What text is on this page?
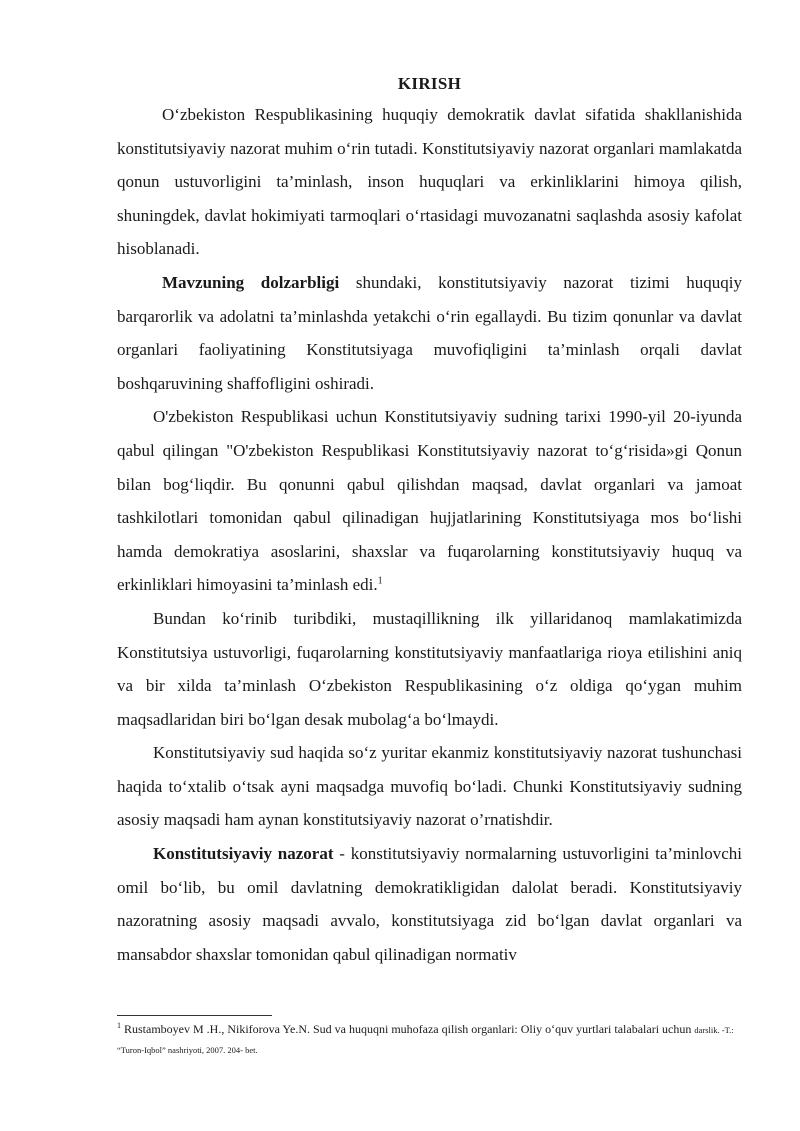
KIRISH

O‘zbekiston Respublikasining huquqiy demokratik davlat sifatida shakllanishida konstitutsiyaviy nazorat muhim o‘rin tutadi. Konstitutsiyaviy nazorat organlari mamlakatda qonun ustuvorligini ta’minlash, inson huquqlari va erkinliklarini himoya qilish, shuningdek, davlat hokimiyati tarmoqlari o‘rtasidagi muvozanatni saqlashda asosiy kafolat hisoblanadi.

Mavzuning dolzarbligi shundaki, konstitutsiyaviy nazorat tizimi huquqiy barqarorlik va adolatni ta’minlashda yetakchi o‘rin egallaydi. Bu tizim qonunlar va davlat organlari faoliyatining Konstitutsiyaga muvofiqligini ta’minlash orqali davlat boshqaruvining shaffofligini oshiradi.

O'zbekiston Respublikasi uchun Konstitutsiyaviy sudning tarixi 1990-yil 20-iyunda qabul qilingan "O'zbekiston Respublikasi Konstitutsiyaviy nazorat to‘g‘risida»gi Qonun bilan bog‘liqdir. Bu qonunni qabul qilishdan maqsad, davlat organlari va jamoat tashkilotlari tomonidan qabul qilinadigan hujjatlarining Konstitutsiyaga mos bo‘lishi hamda demokratiya asoslarini, shaxslar va fuqarolarning konstitutsiyaviy huquq va erkinliklari himoyasini ta’minlash edi.$^1$

Bundan ko‘rinib turibdiki, mustaqillikning ilk yillaridanoq mamlakatimizda Konstitutsiya ustuvorligi, fuqarolarning konstitutsiyaviy manfaatlariga rioya etilishini aniq va bir xilda ta’minlash O‘zbekiston Respublikasining o‘z oldiga qo‘ygan muhim maqsadlaridan biri bo‘lgan desak mubolag‘a bo‘lmaydi.

Konstitutsiyaviy sud haqida so‘z yuritar ekanmiz konstitutsiyaviy nazorat tushunchasi haqida to‘xtalib o‘tsak ayni maqsadga muvofiq bo‘ladi. Chunki Konstitutsiyaviy sudning asosiy maqsadi ham aynan konstitutsiyaviy nazorat o’rnatishdir.

Konstitutsiyaviy nazorat - konstitutsiyaviy normalarning ustuvorligini ta’minlovchi omil bo‘lib, bu omil davlatning demokratikligidan dalolat beradi. Konstitutsiyaviy nazoratning asosiy maqsadi avvalo, konstitutsiyaga zid bo‘lgan davlat organlari va mansabdor shaxslar tomonidan qabul qilinadigan normativ

$^1$ Rustamboyev M .H., Nikiforova Ye.N. Sud va huquqni muhofaza qilish organlari: Oliy o‘quv yurtlari talabalari uchun darslik. -T.: “Turon-Iqbol” nashriyoti, 2007. 204- bet.
